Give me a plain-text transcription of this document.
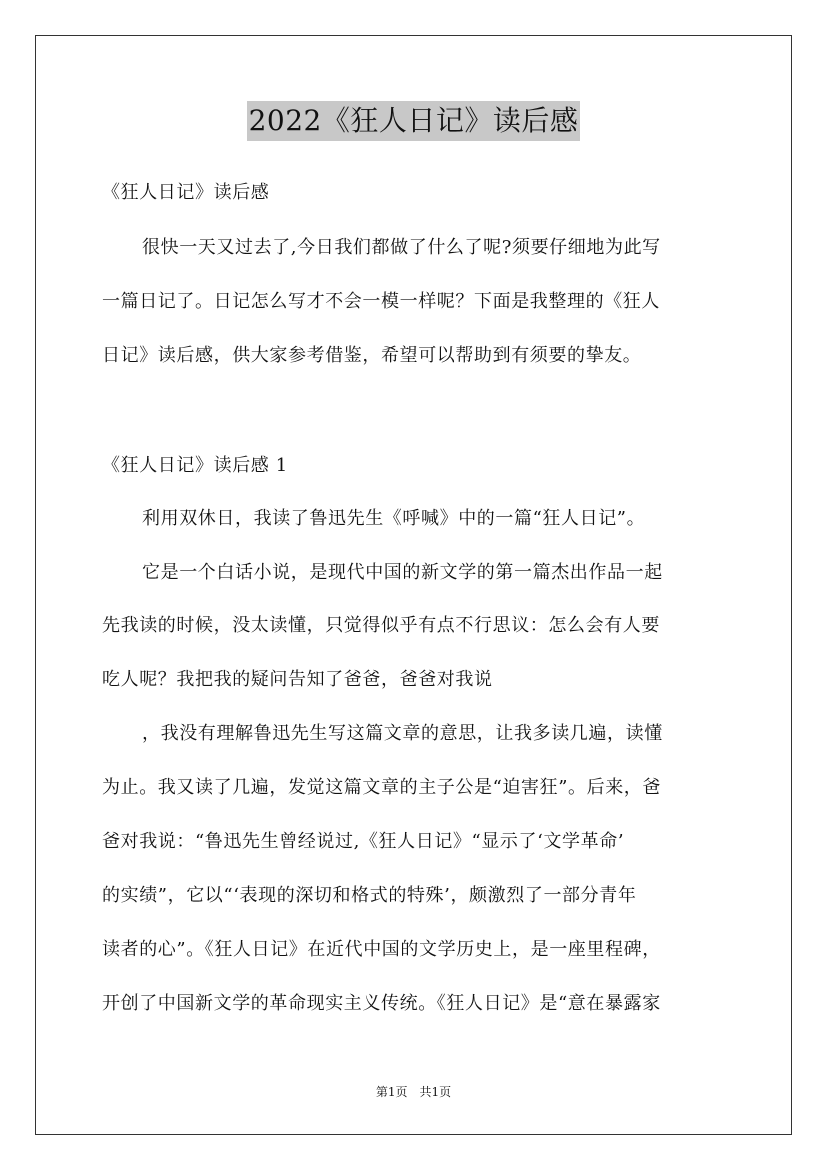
2022《狂人日记》读后感
《狂人日记》读后感
很快一天又过去了,今日我们都做了什么了呢?须要仔细地为此写
一篇日记了。日记怎么写才不会一模一样呢？下面是我整理的《狂人
日记》读后感，供大家参考借鉴，希望可以帮助到有须要的挚友。
《狂人日记》读后感 1
利用双休日，我读了鲁迅先生《呼喊》中的一篇“狂人日记”。
它是一个白话小说，是现代中国的新文学的第一篇杰出作品一起
先我读的时候，没太读懂，只觉得似乎有点不行思议：怎么会有人要
吃人呢？我把我的疑问告知了爸爸，爸爸对我说
，我没有理解鲁迅先生写这篇文章的意思，让我多读几遍，读懂
为止。我又读了几遍，发觉这篇文章的主子公是“迫害狂”。后来，爸
爸对我说：“鲁迅先生曾经说过,《狂人日记》“显示了‘文学革命’
的实绩”，它以“‘表现的深切和格式的特殊’，颇激烈了一部分青年
读者的心”。《狂人日记》在近代中国的文学历史上，是一座里程碑，
开创了中国新文学的革命现实主义传统。《狂人日记》是“意在暴露家
第1页　共1页
